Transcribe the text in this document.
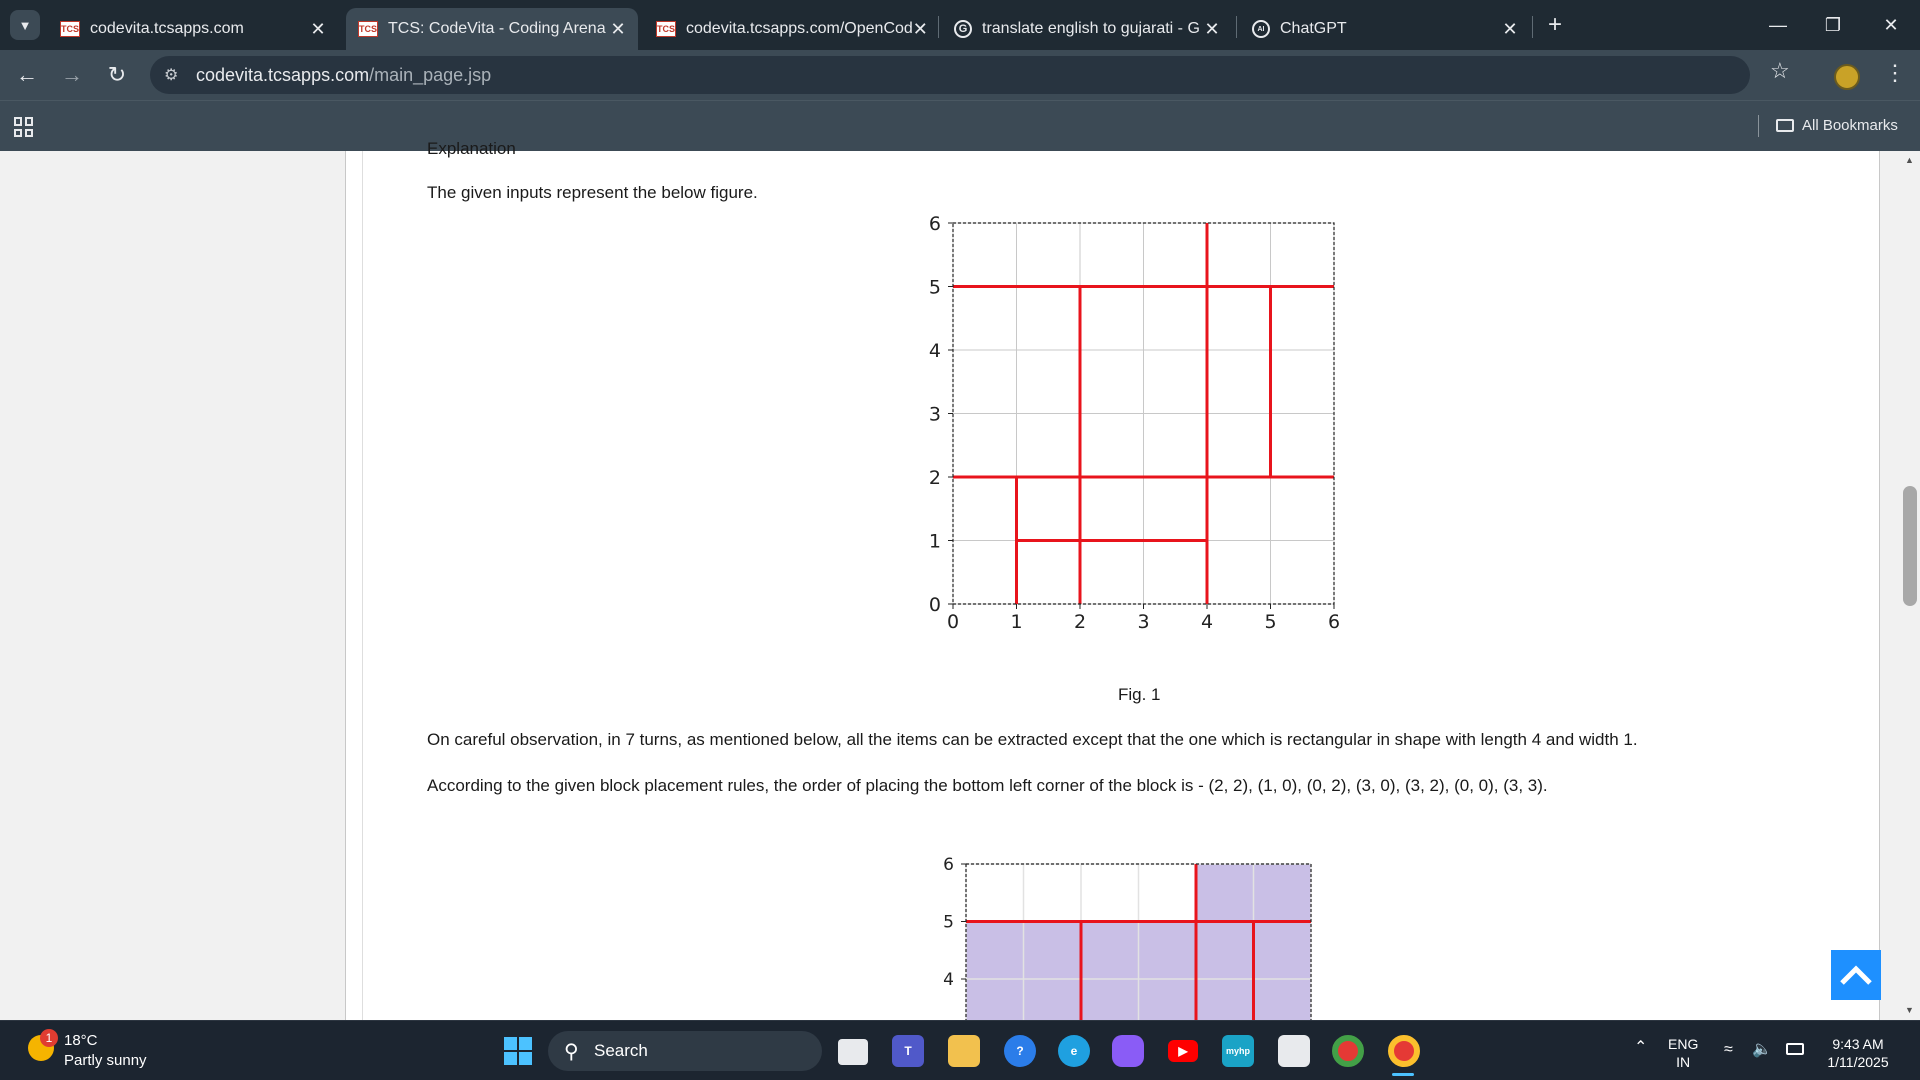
▼	TCS codevita.tcsapps.com	✕	TCS TCS: CodeVita - Coding Arena ✕	TCS codevita.tcsapps.com/OpenCod ✕	G translate english to gujarati - G ✕	AI ChatGPT	✕ +	— ❐ ✕
← → ↻ ⚙ codevita.tcsapps.com /main_page.jsp	☆	⋮
All Bookmarks
Explanation
The given inputs represent the below figure.
0	1	2	3	4	5	6
0
1
2
3
4
5
6
Fig. 1
On careful observation, in 7 turns, as mentioned below, all the items can be extracted except that the one which is rectangular in shape with length 4 and width 1.
According to the given block placement rules, the order of placing the bottom left corner of the block is - (2, 2), (1, 0), (0, 2), (3, 0), (3, 2), (0, 0), (3, 3).
4
5
6
▲
▼
1 18°C
Partly sunny	⚲ Search	T	?	e	▶	myhp	⌃ ENG
IN
≈ 🔈	9:43 AM
1/11/2025
